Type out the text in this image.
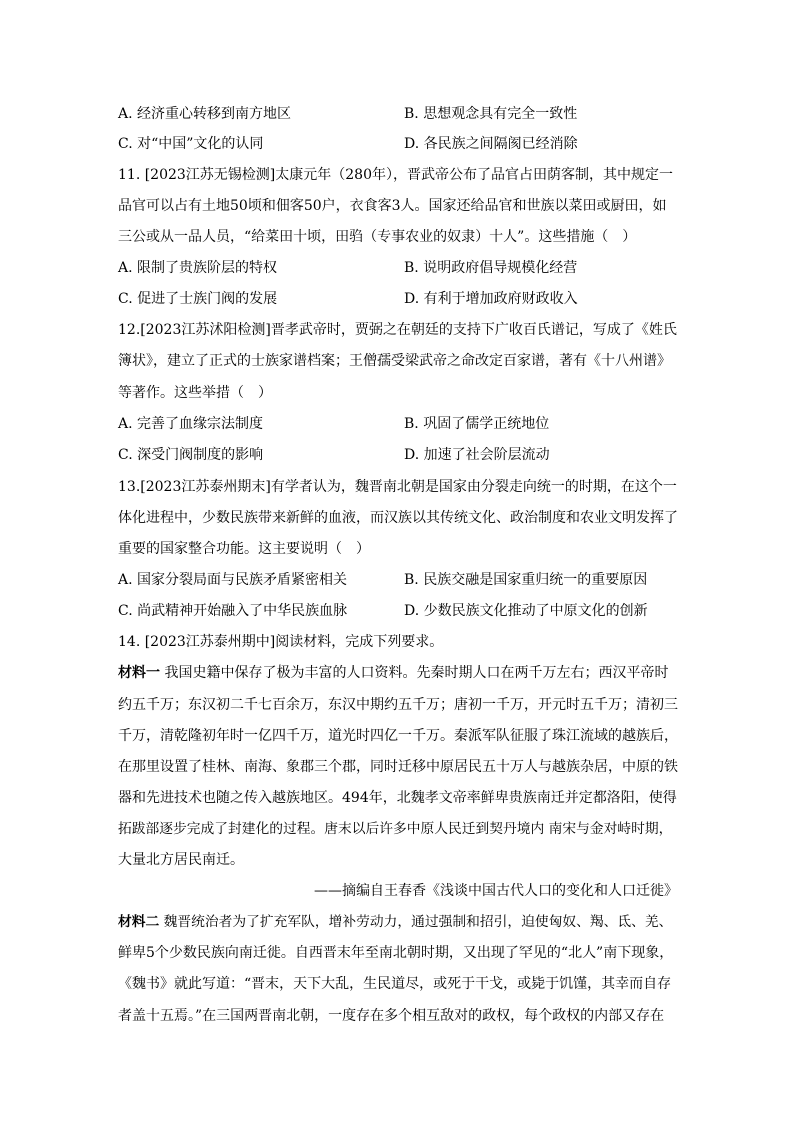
A. 经济重心转移到南方地区	B. 思想观念具有完全一致性
C. 对“中国”文化的认同	D. 各民族之间隔阂已经消除
11. [2023江苏无锡检测]太康元年（280年），晋武帝公布了品官占田荫客制，其中规定一
品官可以占有土地50顷和佃客50户，衣食客3人。国家还给品官和世族以菜田或厨田，如
三公或从一品人员，“给菜田十顷，田驺（专事农业的奴隶）十人”。这些措施（　）
A. 限制了贵族阶层的特权	B. 说明政府倡导规模化经营
C. 促进了士族门阀的发展	D. 有利于增加政府财政收入
12.[2023江苏沭阳检测]晋孝武帝时，贾弼之在朝廷的支持下广收百氏谱记，写成了《姓氏
簿状》，建立了正式的士族家谱档案；王僧孺受梁武帝之命改定百家谱，著有《十八州谱》
等著作。这些举措（　）
A. 完善了血缘宗法制度	B. 巩固了儒学正统地位
C. 深受门阀制度的影响	D. 加速了社会阶层流动
13.[2023江苏泰州期末]有学者认为，魏晋南北朝是国家由分裂走向统一的时期，在这个一
体化进程中，少数民族带来新鲜的血液，而汉族以其传统文化、政治制度和农业文明发挥了
重要的国家整合功能。这主要说明（　）
A. 国家分裂局面与民族矛盾紧密相关	B. 民族交融是国家重归统一的重要原因
C. 尚武精神开始融入了中华民族血脉	D. 少数民族文化推动了中原文化的创新
14. [2023江苏泰州期中]阅读材料，完成下列要求。
材料一 我国史籍中保存了极为丰富的人口资料。先秦时期人口在两千万左右；西汉平帝时
约五千万；东汉初二千七百余万，东汉中期约五千万；唐初一千万，开元时五千万；清初三
千万，清乾隆初年时一亿四千万，道光时四亿一千万。秦派军队征服了珠江流域的越族后，
在那里设置了桂林、南海、象郡三个郡，同时迁移中原居民五十万人与越族杂居，中原的铁
器和先进技术也随之传入越族地区。494年，北魏孝文帝率鲜卑贵族南迁并定都洛阳，使得
拓跋部逐步完成了封建化的过程。唐末以后许多中原人民迁到契丹境内 南宋与金对峙时期，
大量北方居民南迁。
——摘编自王春香《浅谈中国古代人口的变化和人口迁徙》
材料二 魏晋统治者为了扩充军队，增补劳动力，通过强制和招引，迫使匈奴、羯、氐、羌、
鲜卑5个少数民族向南迁徙。自西晋末年至南北朝时期，又出现了罕见的“北人”南下现象，
《魏书》就此写道：“晋末，天下大乱，生民道尽，或死于干戈，或毙于饥馑，其幸而自存
者盖十五焉。”在三国两晋南北朝，一度存在多个相互敌对的政权，每个政权的内部又存在
